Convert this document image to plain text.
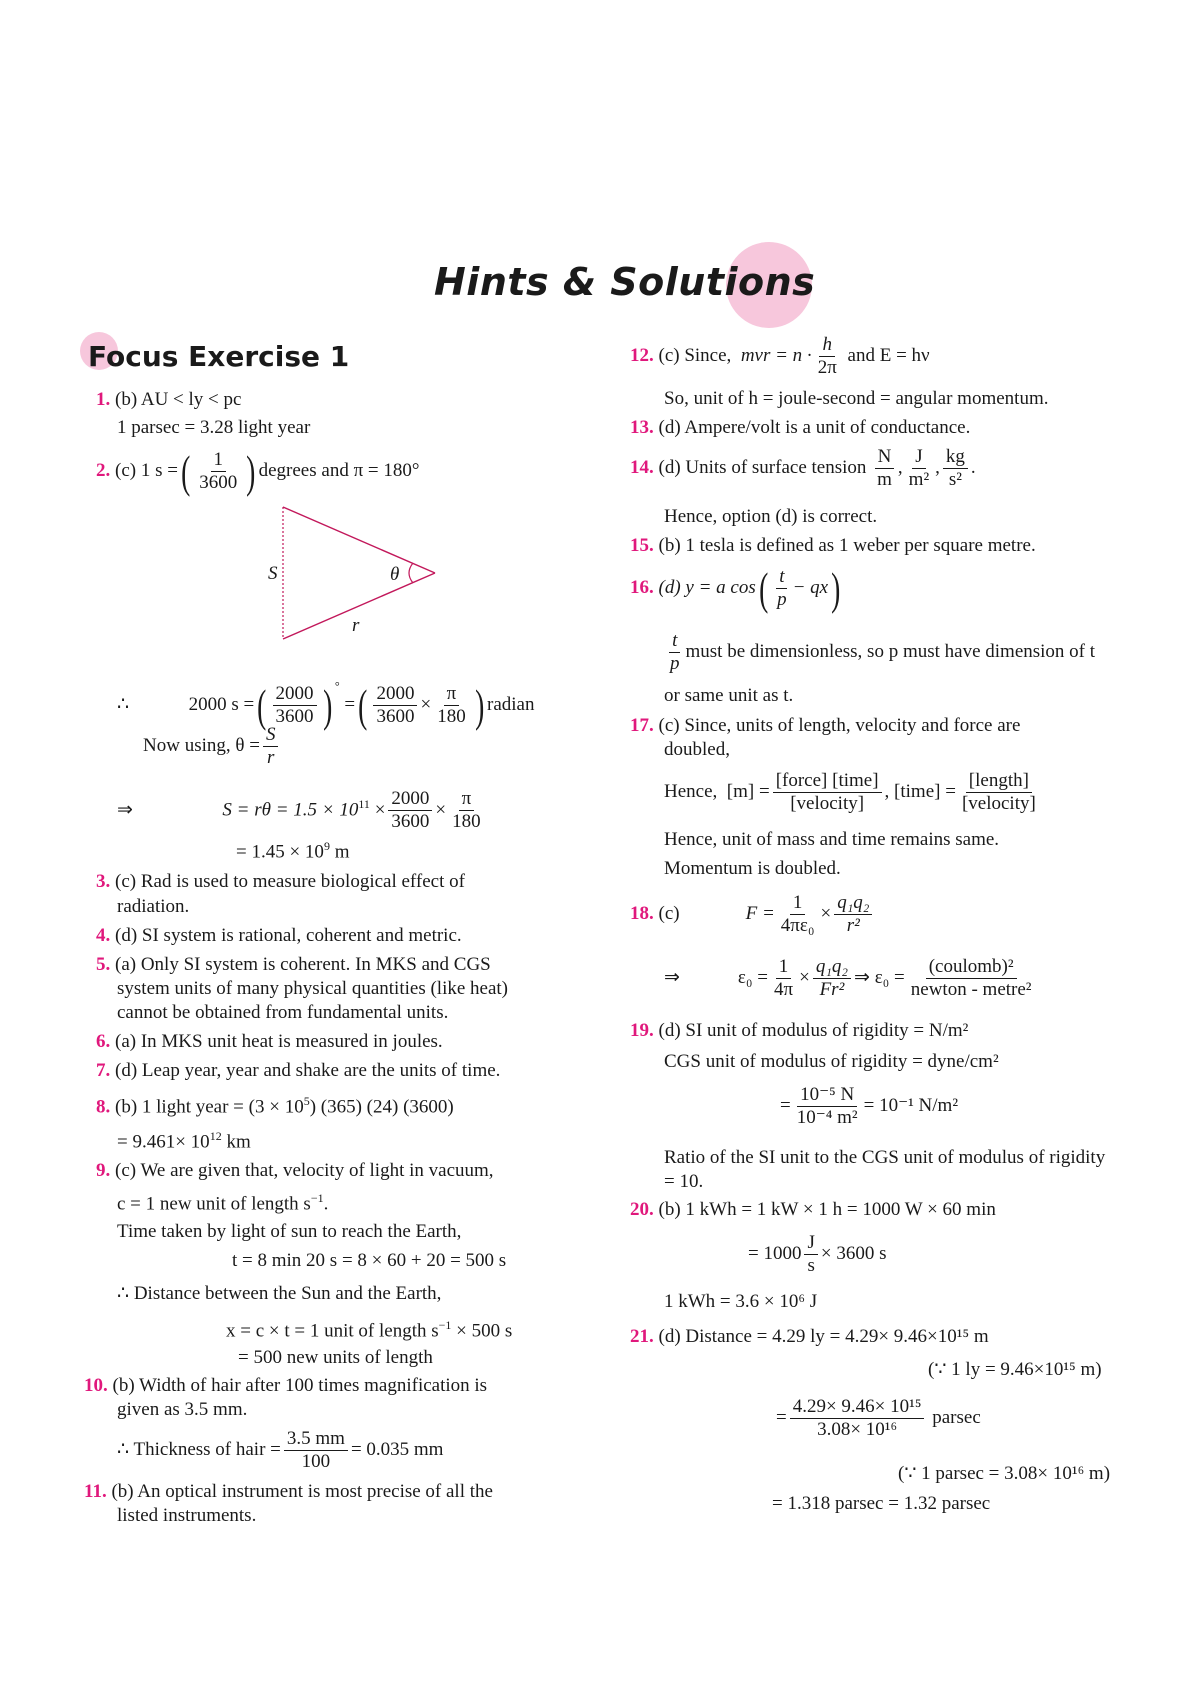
Hints & Solutions
Focus Exercise 1
1. (b) AU < ly < pc
1 parsec = 3.28 light year
2. (c) 1 s =( $\frac{1}{3600}$ ) degrees and π = 180°
S	θ
r
∴	2000 s =( $\frac{2000}{3600}$ ) ° =( $\frac{2000}{3600} \times \frac{\pi}{180}$ ) radian
Now using, $\theta = \frac{S}{r}$
⇒	$S = r\theta = 1.5 \times 10^{11} \times \frac{2000}{3600} \times \frac{\pi}{180}$
= $1.45 \times 10^9$ m
3. (c) Rad is used to measure biological effect of
radiation.
4. (d) SI system is rational, coherent and metric.
5. (a) Only SI system is coherent. In MKS and CGS
system units of many physical quantities (like heat)
cannot be obtained from fundamental units.
6. (a) In MKS unit heat is measured in joules.
7. (d) Leap year, year and shake are the units of time.
8. (b) 1 light year = $(3 \times 10^5)$ (365) (24) (3600)
= $9.461\times 10^{12}$ km
9. (c) We are given that, velocity of light in vacuum,
c = 1 new unit of length $s^{-1}$.
Time taken by light of sun to reach the Earth,
t = 8 min 20 s = 8 × 60 + 20 = 500 s
∴ Distance between the Sun and the Earth,
x = c × t = 1 unit of length $s^{-1} \times 500$ s
= 500 new units of length
10. (b) Width of hair after 100 times magnification is
given as 3.5 mm.
∴ Thickness of hair = $\frac{3.5 mm}{100} = 0.035$ mm
11. (b) An optical instrument is most precise of all the
listed instruments.
12. (c) Since, mvr = $n \cdot \frac{h}{2\pi}$ and E = hν
So, unit of h = joule-second = angular momentum.
13. (d) Ampere/volt is a unit of conductance.
14. (d) Units of surface tension $\frac{N}{m}$ , $\frac{J}{\text{m²}}$ , $\frac{kg}{\text{s²}}$ .
Hence, option (d) is correct.
15. (b) 1 tesla is defined as 1 weber per square metre.
16. (d) y = a $\cos( \frac{t}{p} - qx)$
$\frac{t}{p}$ must be dimensionless, so p must have dimension of t
or same unit as t.
17. (c) Since, units of length, velocity and force are
doubled,
Hence, $[m] = \frac{\text{[force] [time]}}{\text{[velocity]}}$ , [time] = $\frac{\text{[length]}}{\text{[velocity]}}$
Hence, unit of mass and time remains same.
Momentum is doubled.
18. (c)	$F = \frac{1}{\text{4πε₀}} \times \frac{\text{q₁q₂}}{\text{r²}}$
⇒	$\varepsilon_0 = \frac{1}{4\pi} \times \frac{\text{q₁q₂}}{\text{Fr²}}$ ⇒ $\varepsilon_0 = \frac{\text{(coulomb)²}}{\text{newton - metre²}}$
19. (d) SI unit of modulus of rigidity = N/m²
CGS unit of modulus of rigidity = dyne/cm²
= $\frac{\text{10⁻⁵ N}}{\text{10⁻⁴ m²}} = 10^{-1}$ N/m²
Ratio of the SI unit to the CGS unit of modulus of rigidity
= 10.
20. (b) 1 kWh = 1 kW × 1 h = 1000 W × 60 min
= $1000 \frac{J}{s} \times 3600$ s
1 kWh = 3.6 × 10⁶ J
21. (d) Distance = 4.29 ly = 4.29× 9.46×10¹⁵ m
(∵ 1 ly = 9.46×10¹⁵ m)
= $\frac{\text{4.29× 9.46× 10¹⁵}}{\text{3.08× 10¹⁶}}$ parsec
(∵ 1 parsec = 3.08× 10¹⁶ m)
= 1.318 parsec = 1.32 parsec
